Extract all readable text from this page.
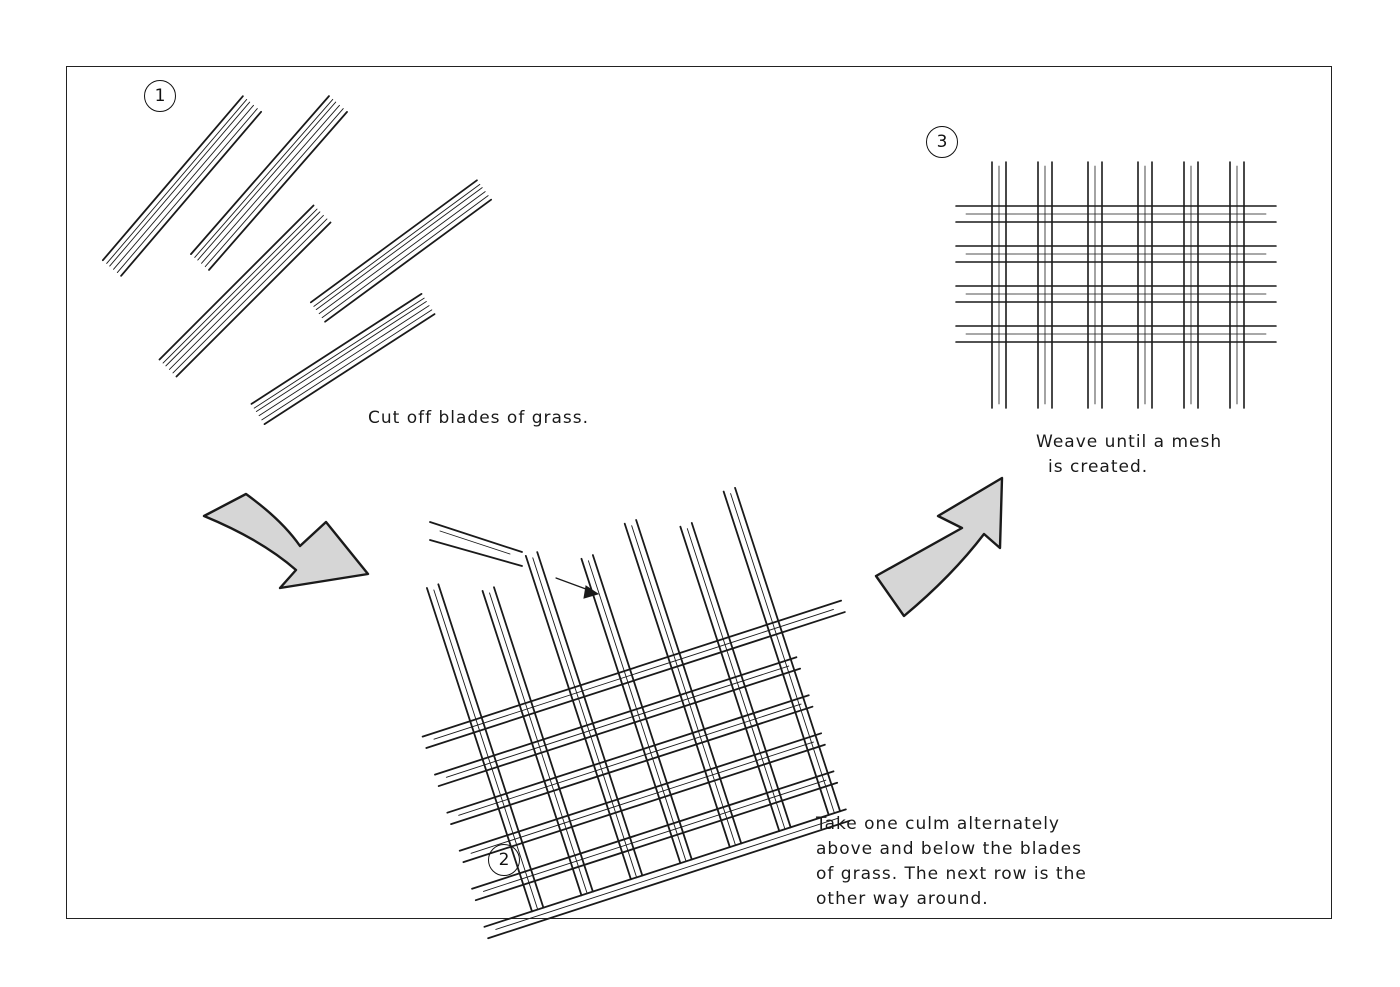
1
3
2
Cut off blades of grass.
Weave until a mesh
is created.
Take one culm alternately
above and below the blades
of grass. The next row is the
other way around.
